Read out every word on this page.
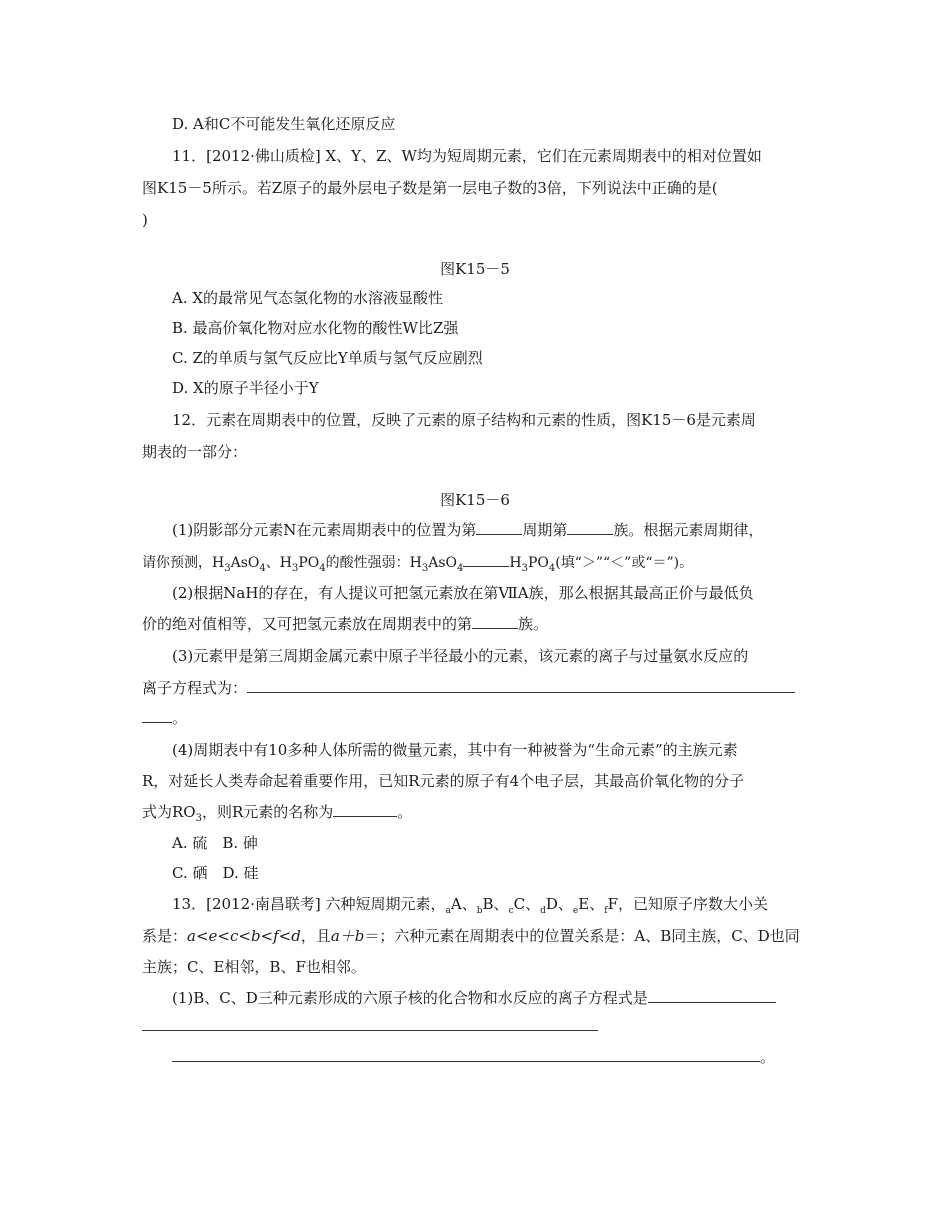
D. A和C不可能发生氧化还原反应
11．[2012·佛山质检] X、Y、Z、W均为短周期元素，它们在元素周期表中的相对位置如
图K15－5所示。若Z原子的最外层电子数是第一层电子数的3倍，下列说法中正确的是(
)
图K15－5
A. X的最常见气态氢化物的水溶液显酸性
B. 最高价氧化物对应水化物的酸性W比Z强
C. Z的单质与氢气反应比Y单质与氢气反应剧烈
D. X的原子半径小于Y
12．元素在周期表中的位置，反映了元素的原子结构和元素的性质，图K15－6是元素周
期表的一部分：
图K15－6
(1)阴影部分元素N在元素周期表中的位置为第	周期第	族。根据元素周期律，
请你预测，$H_3AsO_4$、$H_3PO_4$的酸性强弱：$H_3AsO_4$	$H_3PO_4$(填“＞”“＜”或“＝”)。
(2)根据NaH的存在，有人提议可把氢元素放在第ⅦA族，那么根据其最高正价与最低负
价的绝对值相等，又可把氢元素放在周期表中的第	族。
(3)元素甲是第三周期金属元素中原子半径最小的元素，该元素的离子与过量氨水反应的
离子方程式为：
。
(4)周期表中有10多种人体所需的微量元素，其中有一种被誉为“生命元素”的主族元素
R，对延长人类寿命起着重要作用，已知R元素的原子有4个电子层，其最高价氧化物的分子
式为$RO_3$，则R元素的名称为	。
A. 硫　B. 砷
C. 硒　D. 硅
13．[2012·南昌联考] 六种短周期元素，$_a$A、$_b$B、$_c$C、$_d$D、$_e$E、$_f$F，已知原子序数大小关
系是：a<e<c<b<f<d，且a＋b＝；六种元素在周期表中的位置关系是：A、B同主族，C、D也同
主族；C、E相邻，B、F也相邻。
(1)B、C、D三种元素形成的六原子核的化合物和水反应的离子方程式是
。
